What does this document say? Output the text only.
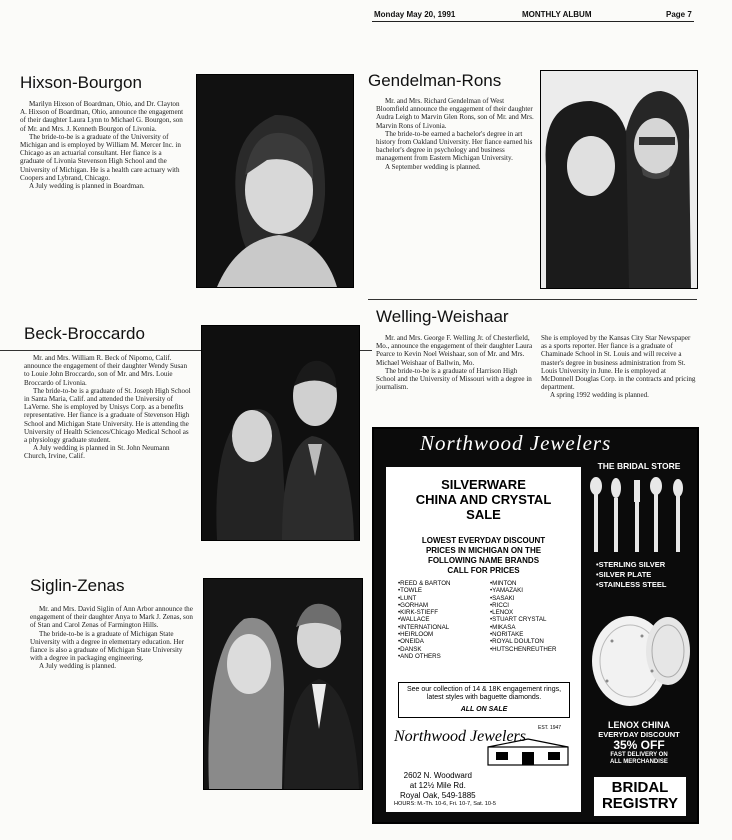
Monday May 20, 1991	MONTHLY ALBUM	Page 7
Hixson-Bourgon

Marilyn Hixson of Boardman, Ohio, and Dr. Clayton A. Hixson of Boardman, Ohio, announce the engagement of their daughter Laura Lynn to Michael G. Bourgon, son of Mr. and Mrs. J. Kenneth Bourgon of Livonia.

The bride-to-be is a graduate of the University of Michigan and is employed by William M. Mercer Inc. in Chicago as an actuarial consultant. Her fiance is a graduate of Livonia Stevenson High School and the University of Michigan. He is a health care actuary with Coopers and Lybrand, Chicago.

A July wedding is planned in Boardman.

Gendelman-Rons

Mr. and Mrs. Richard Gendelman of West Bloomfield announce the engagement of their daughter Audra Leigh to Marvin Glen Rons, son of Mr. and Mrs. Marvin Rons of Livonia.

The bride-to-be earned a bachelor's degree in art history from Oakland University. Her fiance earned his bachelor's degree in psychology and business management from Eastern Michigan University.

A September wedding is planned.

Welling-Weishaar

Mr. and Mrs. George F. Welling Jr. of Chesterfield, Mo., announce the engagement of their daughter Laura Pearce to Kevin Noel Weishaar, son of Mr. and Mrs. Michael Weishaar of Ballwin, Mo.

The bride-to-be is a graduate of Harrison High School and the University of Missouri with a degree in journalism.

She is employed by the Kansas City Star Newspaper as a sports reporter. Her fiance is a graduate of Chaminade School in St. Louis and will receive a master's degree in business administration from St. Louis University in June. He is employed at McDonnell Douglas Corp. in the contracts and pricing department.

A spring 1992 wedding is planned.

Beck-Broccardo

Mr. and Mrs. William R. Beck of Nipomo, Calif. announce the engagement of their daughter Wendy Susan to Louie John Broccardo, son of Mr. and Mrs. Louie Broccardo of Livonia.

The bride-to-be is a graduate of St. Joseph High School in Santa Maria, Calif. and attended the University of LaVerne. She is employed by Unisys Corp. as a benefits representative. Her fiance is a graduate of Stevenson High School and Michigan State University. He is attending the University of Health Sciences/Chicago Medical School as a physiology graduate student.

A July wedding is planned in St. John Neumann Church, Irvine, Calif.

Siglin-Zenas

Mr. and Mrs. David Siglin of Ann Arbor announce the engagement of their daughter Anya to Mark J. Zenas, son of Stan and Carol Zenas of Farmington Hills.

The bride-to-be is a graduate of Michigan State University with a degree in elementary education. Her fiance is also a graduate of Michigan State University with a degree in packaging engineering.

A July wedding is planned.

Northwood Jewelers
SILVERWARE
CHINA AND CRYSTAL
SALE
LOWEST EVERYDAY DISCOUNT
PRICES IN MICHIGAN ON THE
FOLLOWING NAME BRANDS
CALL FOR PRICES
• REED & BARTON
• TOWLE
• LUNT
• GORHAM
• KIRK-STIEFF
• WALLACE
• INTERNATIONAL
• HEIRLOOM
• ONEIDA
• DANSK
• AND OTHERS
• MINTON
• YAMAZAKI
• SASAKI
• RICCI
• LENOX
• STUART CRYSTAL
• MIKASA
• NORITAKE
• ROYAL DOULTON
• HUTSCHENREUTHER
See our collection of 14 & 18K engagement rings, latest styles with baguette diamonds.
ALL ON SALE
Northwood Jewelers EST. 1947
2602 N. Woodward
at 12½ Mile Rd.
Royal Oak, 549-1885
HOURS: M.-Th. 10-6, Fri. 10-7, Sat. 10-5
THE BRIDAL STORE
• STERLING SILVER
• SILVER PLATE
• STAINLESS STEEL
LENOX CHINA
EVERYDAY DISCOUNT
35% OFF
FAST DELIVERY ON
ALL MERCHANDISE
BRIDAL
REGISTRY
